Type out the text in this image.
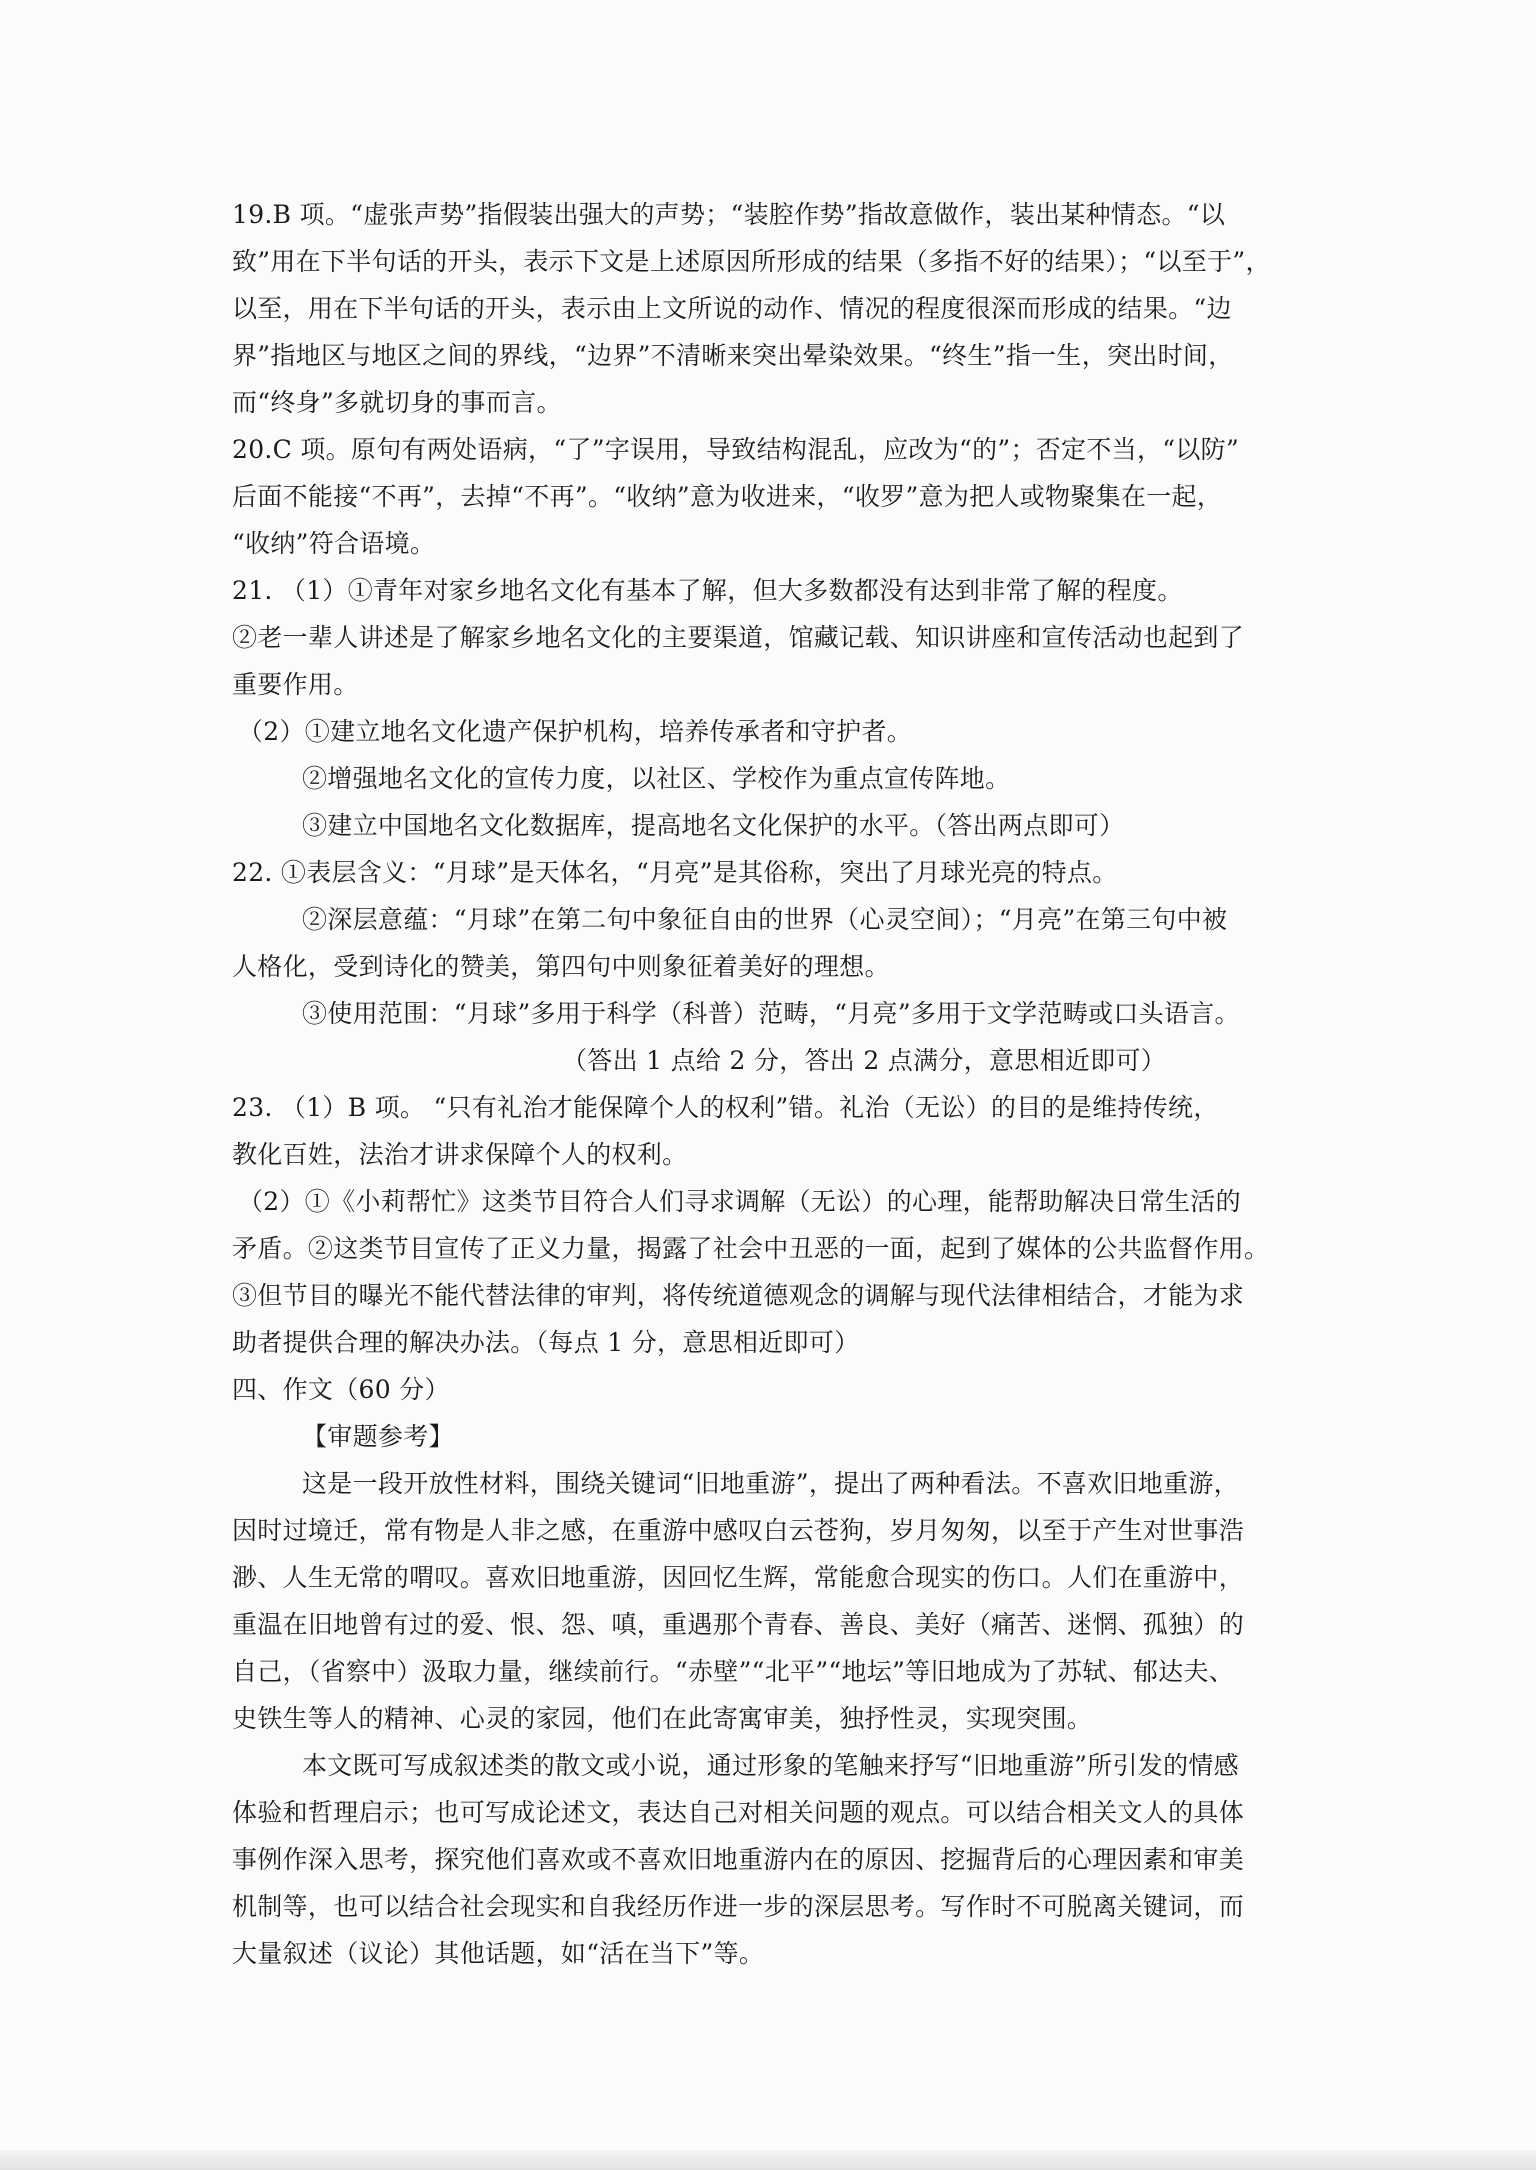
19.B 项。“虚张声势”指假装出强大的声势；“装腔作势”指故意做作，装出某种情态。“以
致”用在下半句话的开头，表示下文是上述原因所形成的结果（多指不好的结果）；“以至于”，
以至，用在下半句话的开头，表示由上文所说的动作、情况的程度很深而形成的结果。“边
界”指地区与地区之间的界线，“边界”不清晰来突出晕染效果。“终生”指一生，突出时间，
而“终身”多就切身的事而言。
20.C 项。原句有两处语病，“了”字误用，导致结构混乱，应改为“的”；否定不当，“以防”
后面不能接“不再”，去掉“不再”。“收纳”意为收进来，“收罗”意为把人或物聚集在一起，
“收纳”符合语境。
21. （1）①青年对家乡地名文化有基本了解，但大多数都没有达到非常了解的程度。
②老一辈人讲述是了解家乡地名文化的主要渠道，馆藏记载、知识讲座和宣传活动也起到了
重要作用。
（2）①建立地名文化遗产保护机构，培养传承者和守护者。
②增强地名文化的宣传力度，以社区、学校作为重点宣传阵地。
③建立中国地名文化数据库，提高地名文化保护的水平。（答出两点即可）
22. ①表层含义：“月球”是天体名，“月亮”是其俗称，突出了月球光亮的特点。
②深层意蕴：“月球”在第二句中象征自由的世界（心灵空间）；“月亮”在第三句中被
人格化，受到诗化的赞美，第四句中则象征着美好的理想。
③使用范围：“月球”多用于科学（科普）范畴，“月亮”多用于文学范畴或口头语言。
（答出 1 点给 2 分，答出 2 点满分，意思相近即可）
23. （1）B 项。 “只有礼治才能保障个人的权利”错。礼治（无讼）的目的是维持传统，
教化百姓，法治才讲求保障个人的权利。
（2）①《小莉帮忙》这类节目符合人们寻求调解（无讼）的心理，能帮助解决日常生活的
矛盾。②这类节目宣传了正义力量，揭露了社会中丑恶的一面，起到了媒体的公共监督作用。
③但节目的曝光不能代替法律的审判，将传统道德观念的调解与现代法律相结合，才能为求
助者提供合理的解决办法。（每点 1 分，意思相近即可）
四、作文（60 分）
【审题参考】
这是一段开放性材料，围绕关键词“旧地重游”，提出了两种看法。不喜欢旧地重游，
因时过境迁，常有物是人非之感，在重游中感叹白云苍狗，岁月匆匆，以至于产生对世事浩
渺、人生无常的喟叹。喜欢旧地重游，因回忆生辉，常能愈合现实的伤口。人们在重游中，
重温在旧地曾有过的爱、恨、怨、嗔，重遇那个青春、善良、美好（痛苦、迷惘、孤独）的
自己，（省察中）汲取力量，继续前行。“赤壁”“北平”“地坛”等旧地成为了苏轼、郁达夫、
史铁生等人的精神、心灵的家园，他们在此寄寓审美，独抒性灵，实现突围。
本文既可写成叙述类的散文或小说，通过形象的笔触来抒写“旧地重游”所引发的情感
体验和哲理启示；也可写成论述文，表达自己对相关问题的观点。可以结合相关文人的具体
事例作深入思考，探究他们喜欢或不喜欢旧地重游内在的原因、挖掘背后的心理因素和审美
机制等，也可以结合社会现实和自我经历作进一步的深层思考。写作时不可脱离关键词，而
大量叙述（议论）其他话题，如“活在当下”等。
